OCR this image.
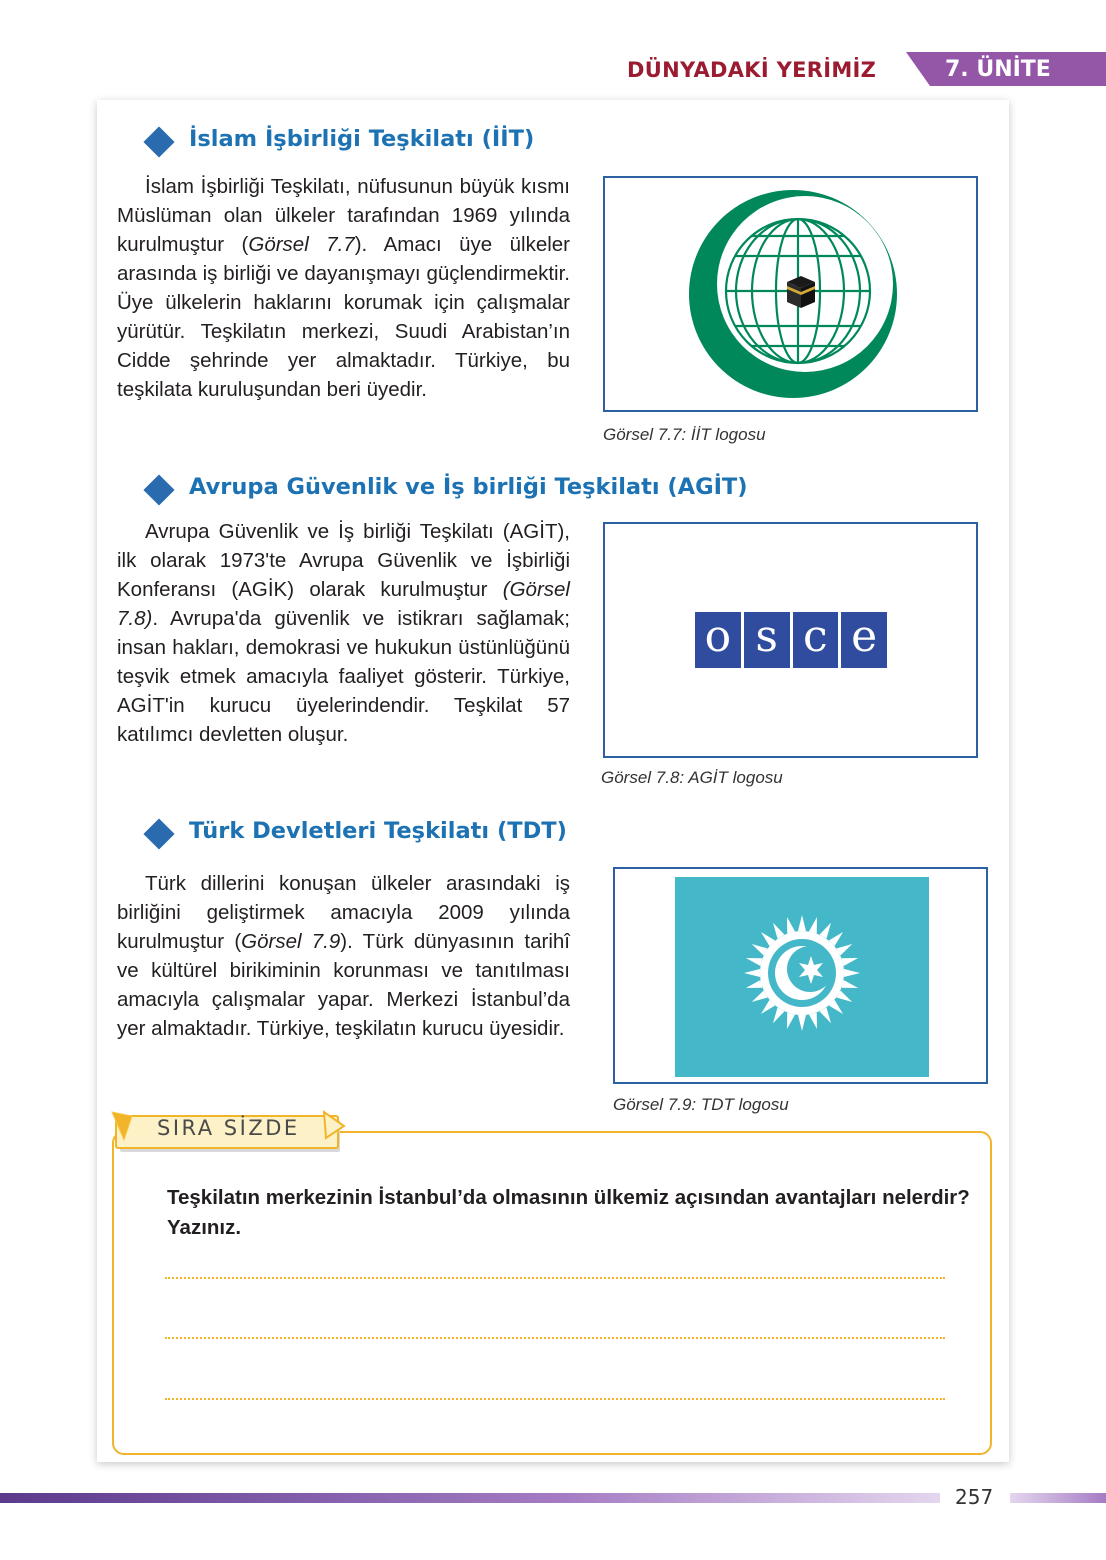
DÜNYADAKİ YERİMİZ	7. ÜNİTE
İslam İşbirliği Teşkilatı (İİT)

İslam İşbirliği Teşkilatı, nüfusunun büyük kısmı Müslüman olan ülkeler tarafından 1969 yılında kurulmuştur (Görsel 7.7). Amacı üye ülkeler arasında iş birliği ve dayanışmayı güçlendirmektir. Üye ülkelerin haklarını korumak için çalışmalar yürütür. Teşkilatın merkezi, Suudi Arabistan’ın Cidde şehrinde yer almaktadır. Türkiye, bu teşkilata kuruluşundan beri üyedir.

Görsel 7.7: İİT logosu
Avrupa Güvenlik ve İş birliği Teşkilatı (AGİT)

Avrupa Güvenlik ve İş birliği Teşkilatı (AGİT), ilk olarak 1973'te Avrupa Güvenlik ve İşbirliği Konferansı (AGİK) olarak kurulmuştur (Görsel 7.8). Avrupa'da güvenlik ve istikrarı sağlamak; insan hakları, demokrasi ve hukukun üstünlüğünü teşvik etmek amacıyla faaliyet gösterir. Türkiye, AGİT'in kurucu üyelerindendir. Teşkilat 57 katılımcı devletten oluşur.

o s c e
Görsel 7.8: AGİT logosu
Türk Devletleri Teşkilatı (TDT)

Türk dillerini konuşan ülkeler arasındaki iş birliğini geliştirmek amacıyla 2009 yılında kurulmuştur (Görsel 7.9). Türk dünyasının tarihî ve kültürel birikiminin korunması ve tanıtılması amacıyla çalışmalar yapar. Merkezi İstanbul’da yer almaktadır. Türkiye, teşkilatın kurucu üyesidir.

Görsel 7.9: TDT logosu
SIRA SİZDE
Teşkilatın merkezinin İstanbul’da olmasının ülkemiz açısından avantajları nelerdir? Yazınız.
257
